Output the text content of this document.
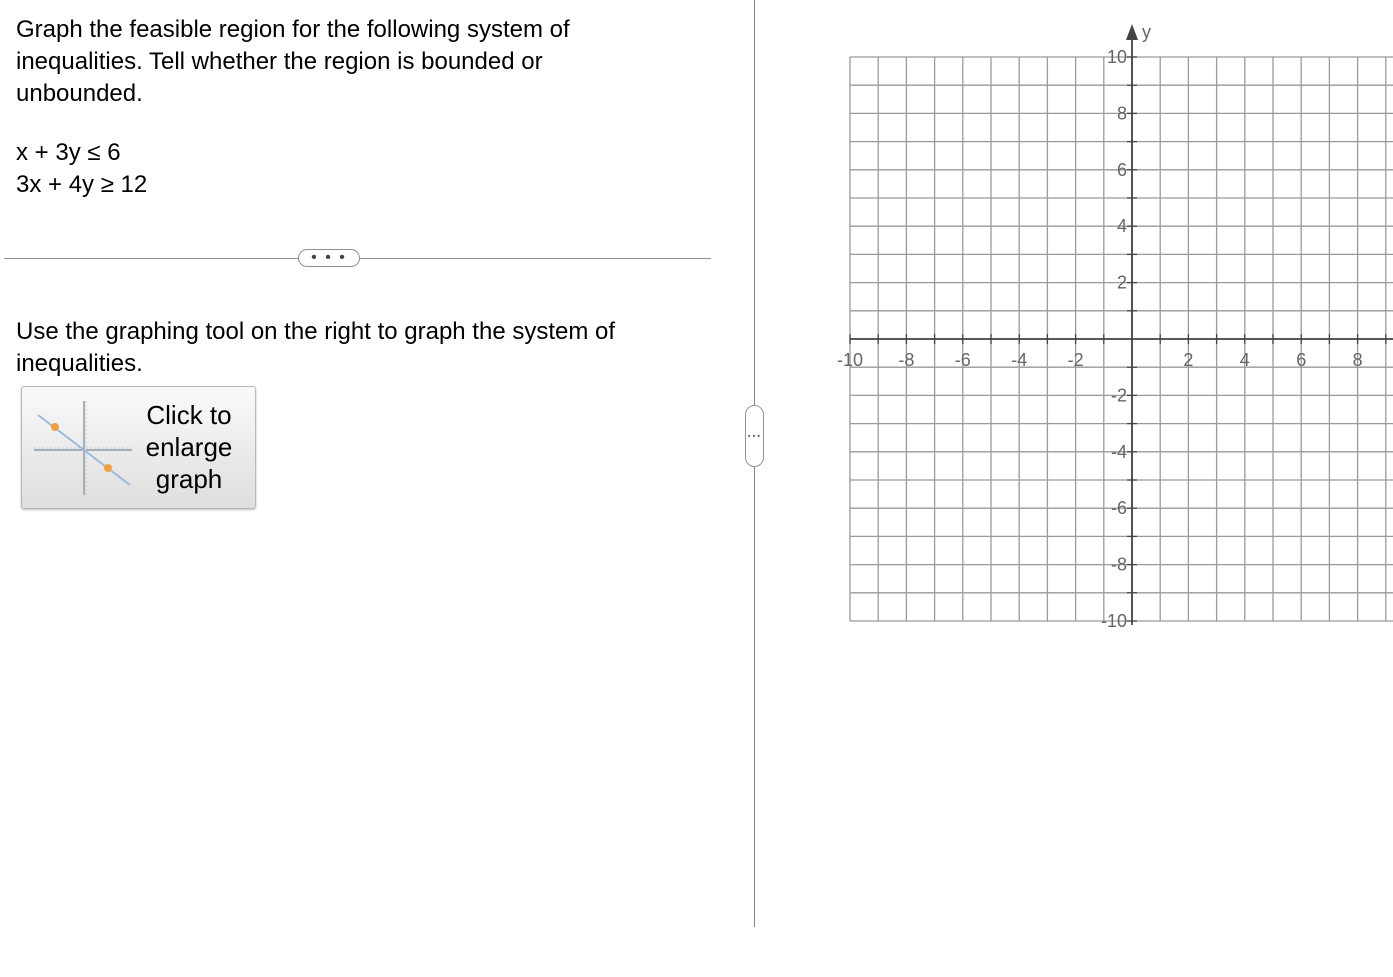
Graph the feasible region for the following system of inequalities. Tell whether the region is bounded or unbounded.

x + 3y ≤ 6
3x + 4y ≥ 12
• • •

Use the graphing tool on the right to graph the system of inequalities.

Click to enlarge graph
⋮
y
-10 -8 -6 -4 -2	2	4	6	8
10
8
6
4
2
-2
-4
-6
-8
-10
